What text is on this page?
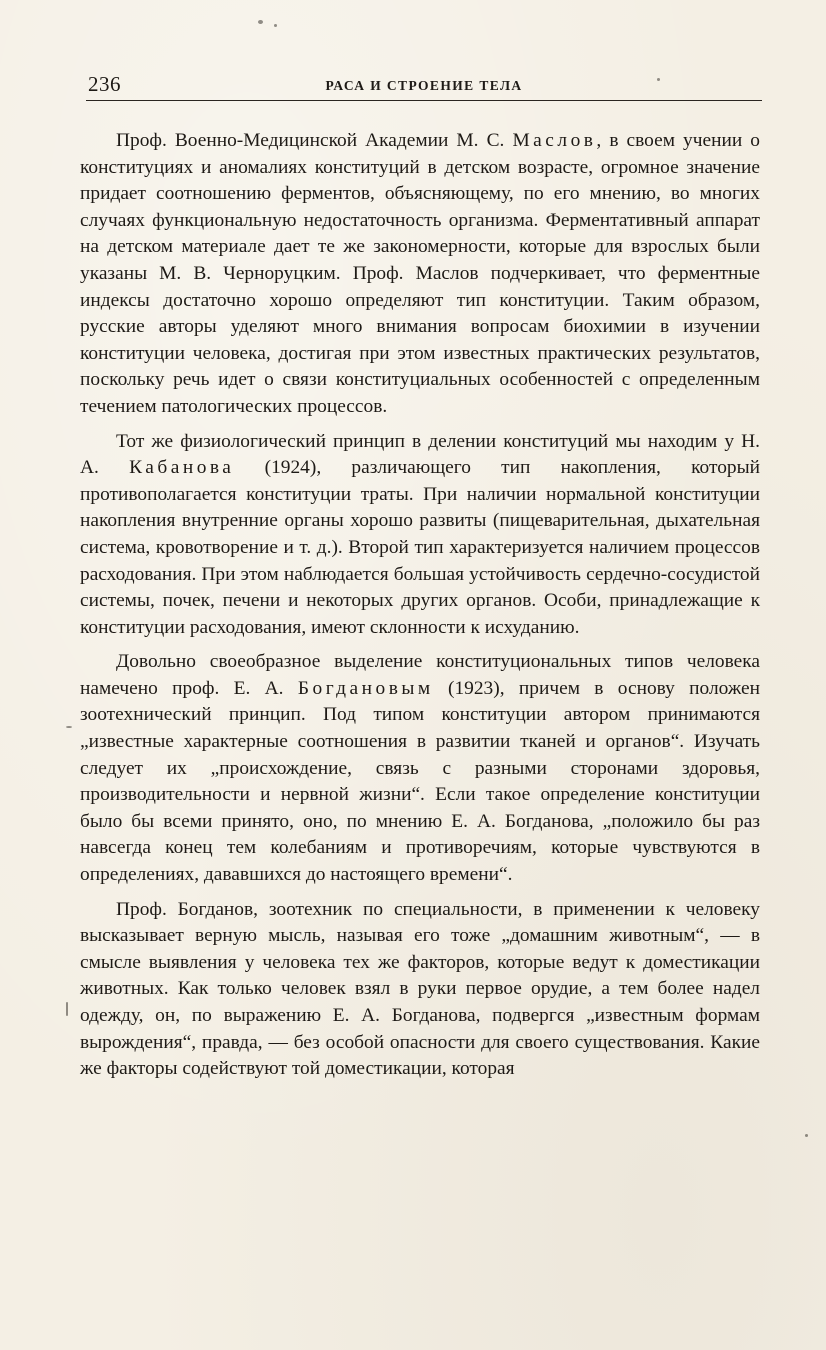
236	РАСА И СТРОЕНИЕ ТЕЛА

Проф. Военно-Медицинской Академии М. С. Маслов, в своем учении о конституциях и аномалиях конституций в детском возрасте, огромное значение придает соотношению ферментов, объясняющему, по его мнению, во многих случаях функциональную недостаточность организма. Ферментативный аппарат на детском материале дает те же закономерности, которые для взрослых были указаны М. В. Черноруцким. Проф. Маслов подчеркивает, что ферментные индексы достаточно хорошо определяют тип конституции. Таким образом, русские авторы уделяют много внимания вопросам биохимии в изучении конституции человека, достигая при этом известных практических результатов, поскольку речь идет о связи конституциальных особенностей с определенным течением патологических процессов.

Тот же физиологический принцип в делении конституций мы находим у Н. А. Кабанова (1924), различающего тип накопления, который противополагается конституции траты. При наличии нормальной конституции накопления внутренние органы хорошо развиты (пищеварительная, дыхательная система, кровотворение и т. д.). Второй тип характеризуется наличием процессов расходования. При этом наблюдается большая устойчивость сердечно-сосудистой системы, почек, печени и некоторых других органов. Особи, принадлежащие к конституции расходования, имеют склонности к исхуданию.

Довольно своеобразное выделение конституциональных типов человека намечено проф. Е. А. Богдановым (1923), причем в основу положен зоотехнический принцип. Под типом конституции автором принимаются „известные характерные соотношения в развитии тканей и органов“. Изучать следует их „происхождение, связь с разными сторонами здоровья, производительности и нервной жизни“. Если такое определение конституции было бы всеми принято, оно, по мнению Е. А. Богданова, „положило бы раз навсегда конец тем колебаниям и противоречиям, которые чувствуются в определениях, дававшихся до настоящего времени“.

Проф. Богданов, зоотехник по специальности, в применении к человеку высказывает верную мысль, называя его тоже „домашним животным“, — в смысле выявления у человека тех же факторов, которые ведут к доместикации животных. Как только человек взял в руки первое орудие, а тем более надел одежду, он, по выражению Е. А. Богданова, подвергся „известным формам вырождения“, правда, — без особой опасности для своего существования. Какие же факторы содействуют той доместикации, которая
